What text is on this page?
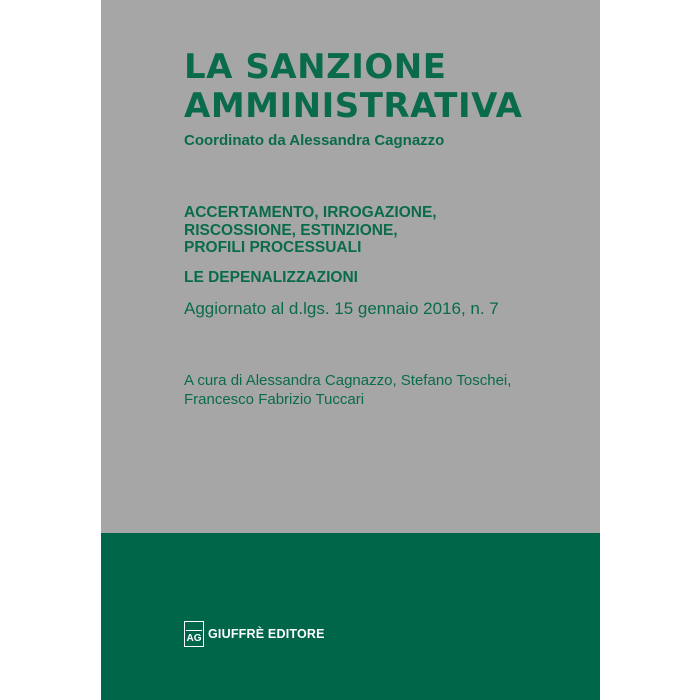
LA SANZIONE
AMMINISTRATIVA
Coordinato da Alessandra Cagnazzo
ACCERTAMENTO, IRROGAZIONE,
RISCOSSIONE, ESTINZIONE,
PROFILI PROCESSUALI
LE DEPENALIZZAZIONI
Aggiornato al d.lgs. 15 gennaio 2016, n. 7
A cura di Alessandra Cagnazzo, Stefano Toschei,
Francesco Fabrizio Tuccari
AG GIUFFRÈ EDITORE
